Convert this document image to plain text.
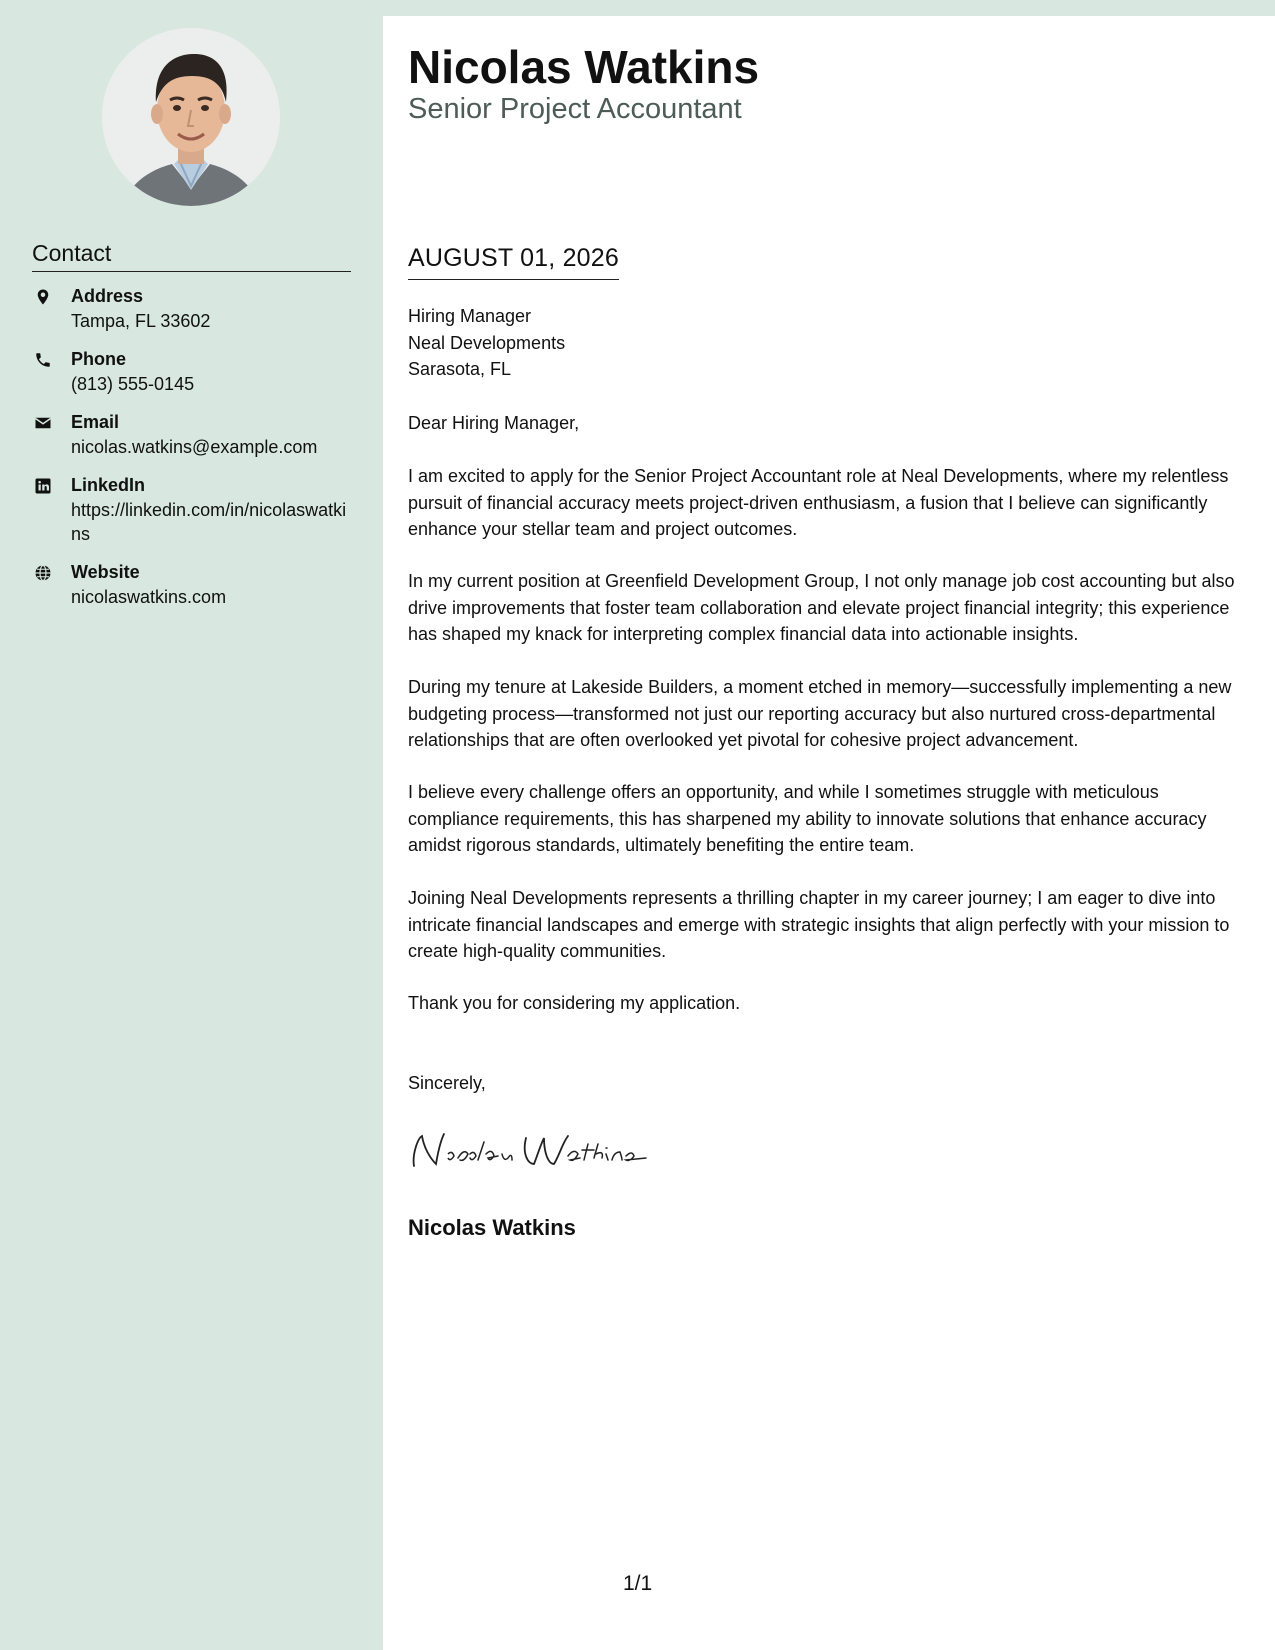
Contact
Address
Tampa, FL 33602
Phone
(813) 555-0145
Email
nicolas.watkins@example.com
LinkedIn
https://linkedin.com/in/nicolaswatkins
Website
nicolaswatkins.com
Nicolas Watkins
Senior Project Accountant
AUGUST 01, 2026
Hiring Manager
Neal Developments
Sarasota, FL
Dear Hiring Manager,
I am excited to apply for the Senior Project Accountant role at Neal Developments, where my relentless pursuit of financial accuracy meets project-driven enthusiasm, a fusion that I believe can significantly enhance your stellar team and project outcomes.
In my current position at Greenfield Development Group, I not only manage job cost accounting but also drive improvements that foster team collaboration and elevate project financial integrity; this experience has shaped my knack for interpreting complex financial data into actionable insights.
During my tenure at Lakeside Builders, a moment etched in memory—successfully implementing a new budgeting process—transformed not just our reporting accuracy but also nurtured cross-departmental relationships that are often overlooked yet pivotal for cohesive project advancement.
I believe every challenge offers an opportunity, and while I sometimes struggle with meticulous compliance requirements, this has sharpened my ability to innovate solutions that enhance accuracy amidst rigorous standards, ultimately benefiting the entire team.
Joining Neal Developments represents a thrilling chapter in my career journey; I am eager to dive into intricate financial landscapes and emerge with strategic insights that align perfectly with your mission to create high-quality communities.
Thank you for considering my application.
Sincerely,
Nicolas Watkins
1/1
